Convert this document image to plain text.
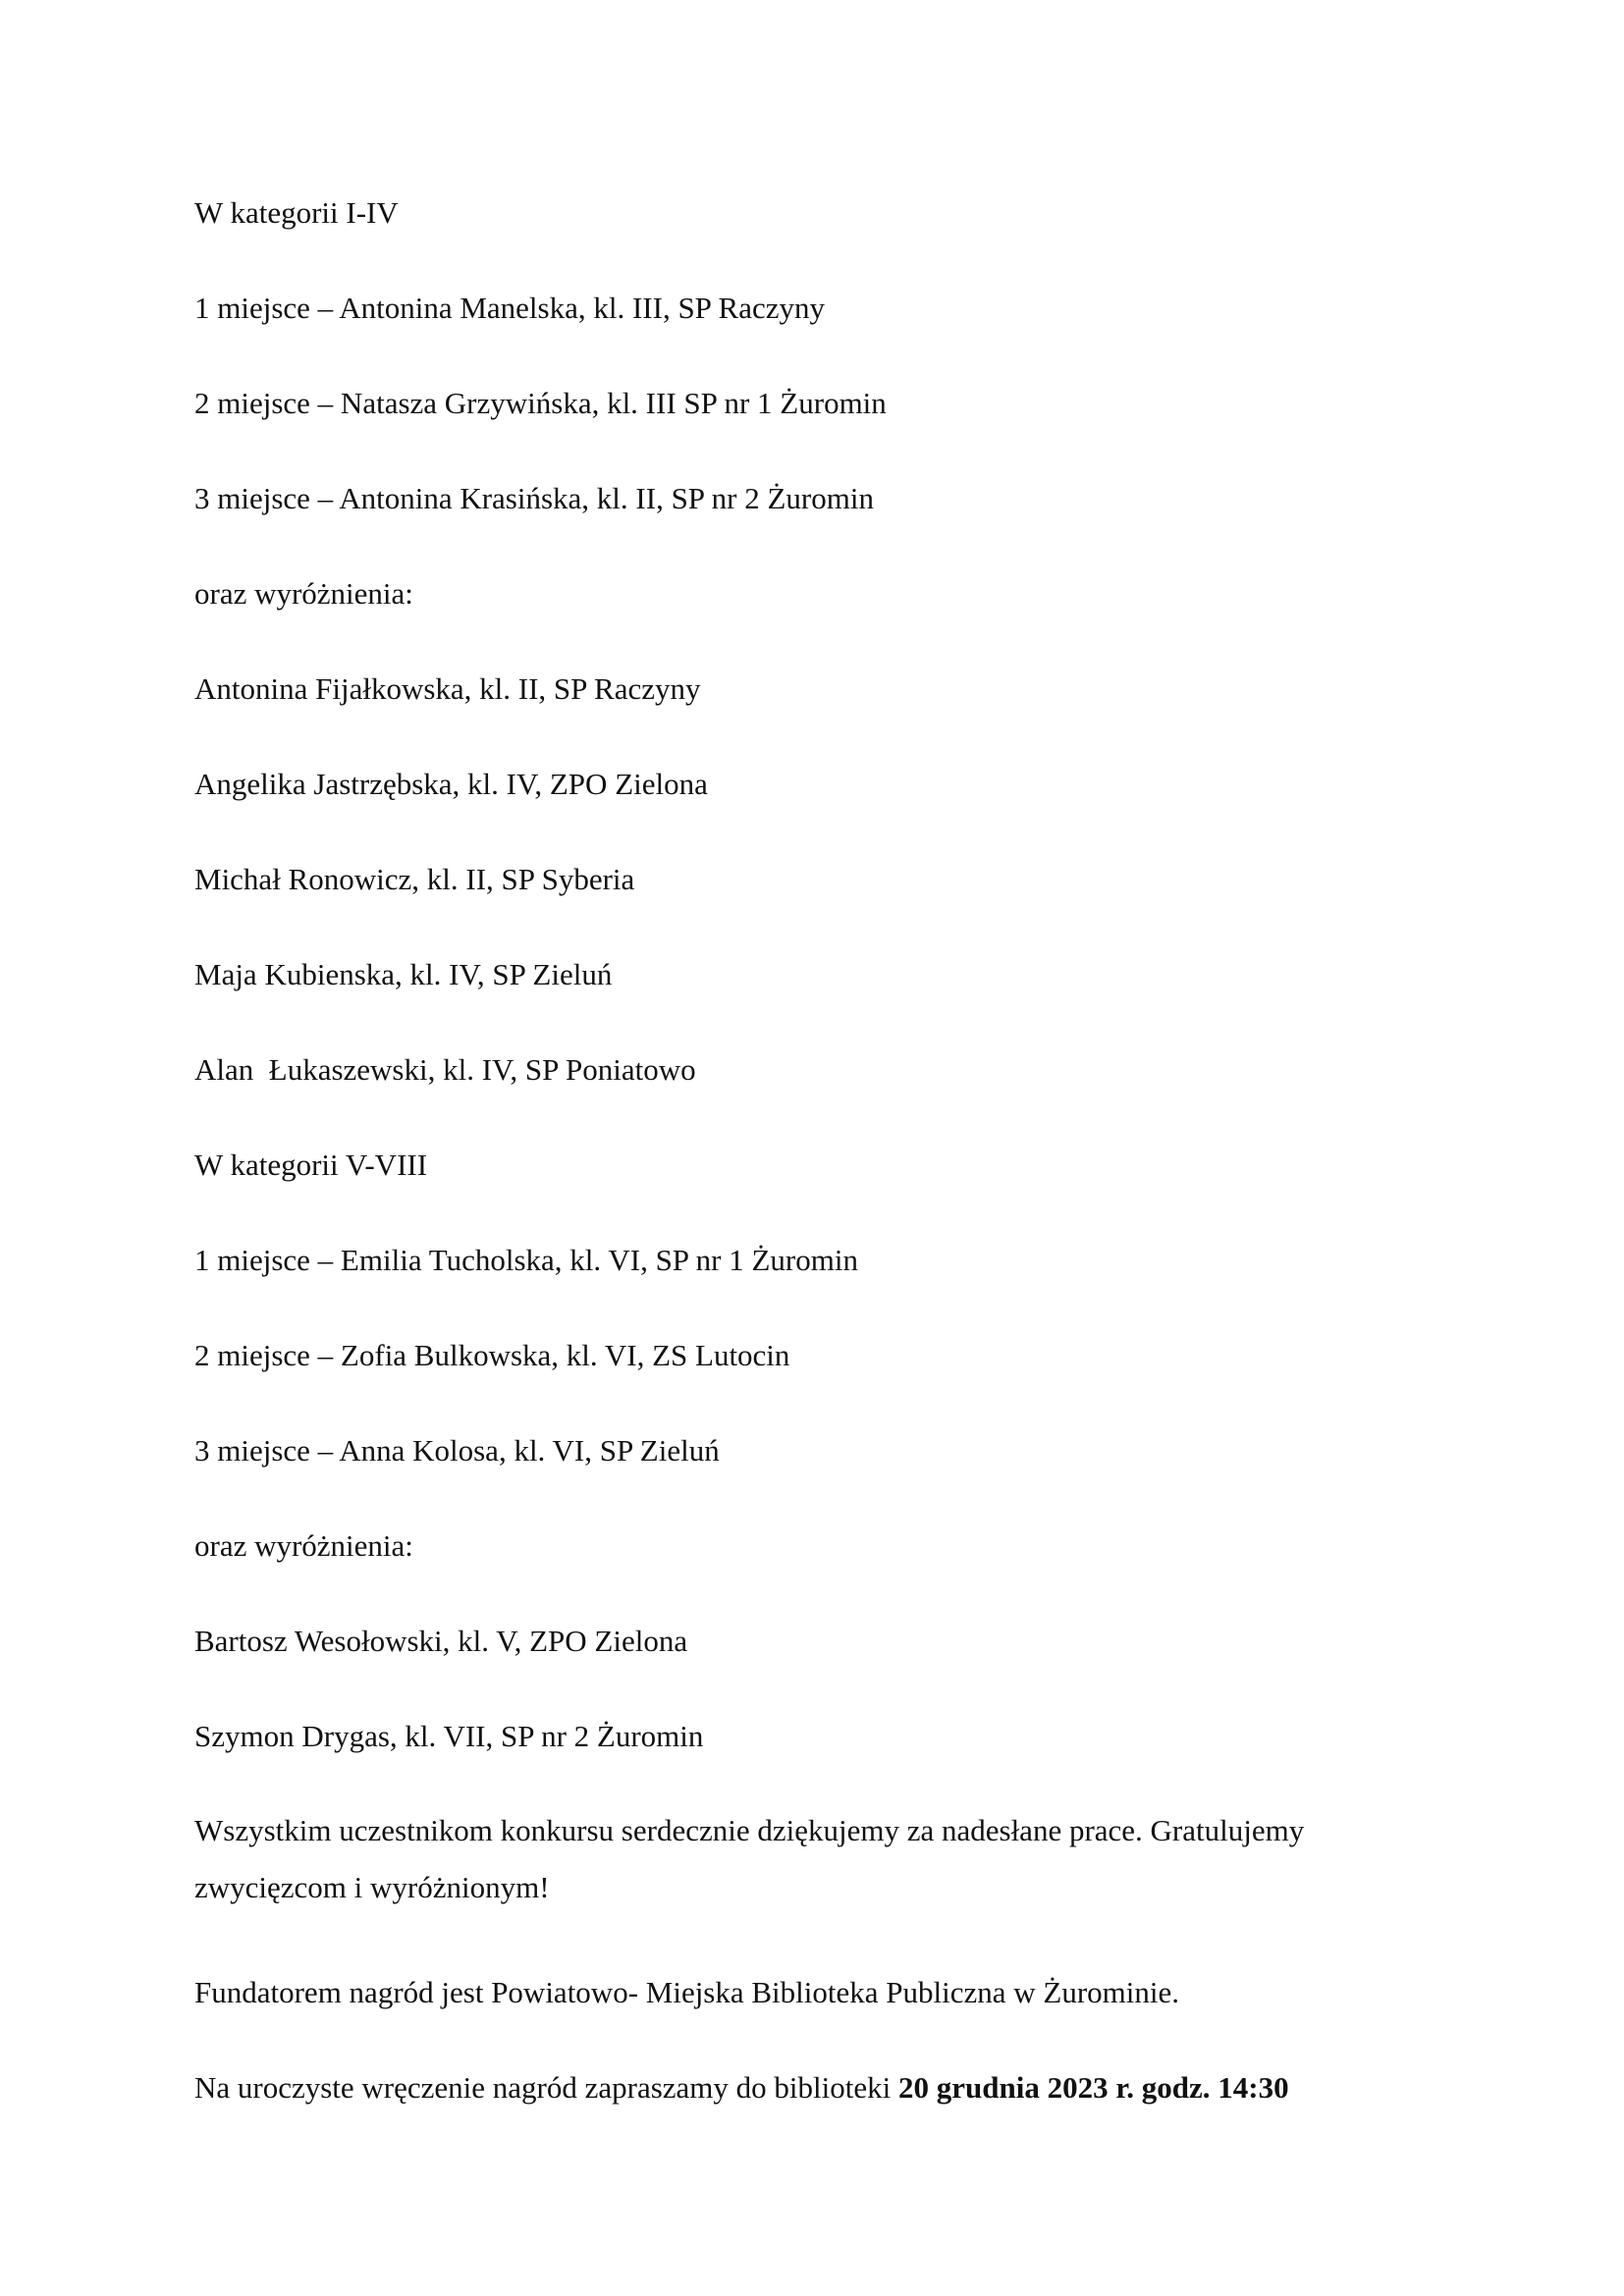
W kategorii I-IV
1 miejsce – Antonina Manelska, kl. III, SP Raczyny
2 miejsce – Natasza Grzywińska, kl. III SP nr 1 Żuromin
3 miejsce – Antonina Krasińska, kl. II, SP nr 2 Żuromin
oraz wyróżnienia:
Antonina Fijałkowska, kl. II, SP Raczyny
Angelika Jastrzębska, kl. IV, ZPO Zielona
Michał Ronowicz, kl. II, SP Syberia
Maja Kubienska, kl. IV, SP Zieluń
Alan  Łukaszewski, kl. IV, SP Poniatowo
W kategorii V-VIII
1 miejsce – Emilia Tucholska, kl. VI, SP nr 1 Żuromin
2 miejsce – Zofia Bulkowska, kl. VI, ZS Lutocin
3 miejsce – Anna Kolosa, kl. VI, SP Zieluń
oraz wyróżnienia:
Bartosz Wesołowski, kl. V, ZPO Zielona
Szymon Drygas, kl. VII, SP nr 2 Żuromin
Wszystkim uczestnikom konkursu serdecznie dziękujemy za nadesłane prace. Gratulujemy zwycięzcom i wyróżnionym!
Fundatorem nagród jest Powiatowo- Miejska Biblioteka Publiczna w Żurominie.
Na uroczyste wręczenie nagród zapraszamy do biblioteki 20 grudnia 2023 r. godz. 14:30
